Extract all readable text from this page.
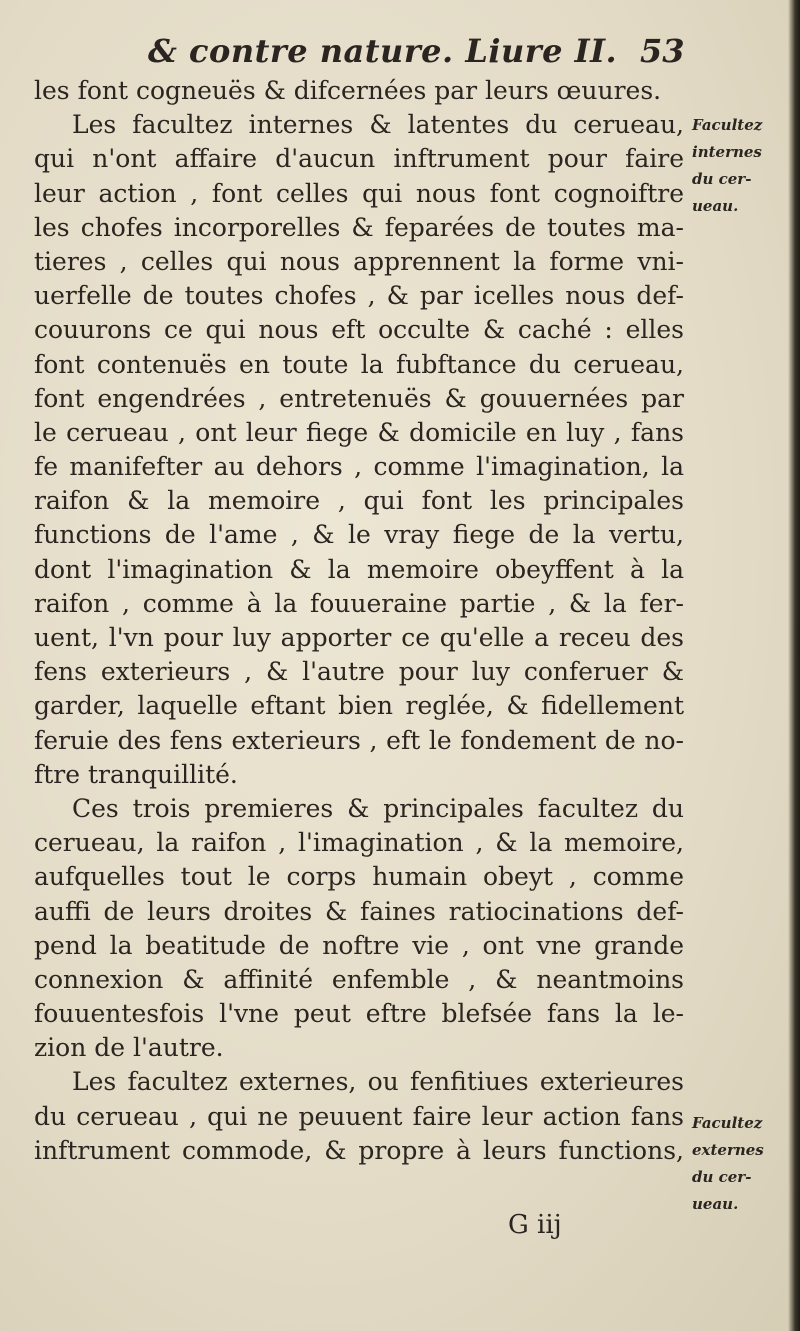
& contre nature. Liure II. 53
les font cogneuës & difcernées par leurs œuures.
Les facultez internes & latentes du cerueau,
qui n'ont affaire d'aucun inftrument pour faire
leur action , font celles qui nous font cognoiftre
les chofes incorporelles & feparées de toutes ma-
tieres , celles qui nous apprennent la forme vni-
uerfelle de toutes chofes , & par icelles nous def-
couurons ce qui nous eft occulte & caché : elles
font contenuës en toute la fubftance du cerueau,
font engendrées , entretenuës & gouuernées par
le cerueau , ont leur fiege & domicile en luy , fans
fe manifefter au dehors , comme l'imagination, la
raifon & la memoire , qui font les principales
functions de l'ame , & le vray fiege de la vertu,
dont l'imagination & la memoire obeyffent à la
raifon , comme à la fouueraine partie , & la fer-
uent, l'vn pour luy apporter ce qu'elle a receu des
fens exterieurs , & l'autre pour luy conferuer &
garder, laquelle eftant bien reglée, & fidellement
feruie des fens exterieurs , eft le fondement de no-
ftre tranquillité.
Ces trois premieres & principales facultez du
cerueau, la raifon , l'imagination , & la memoire,
aufquelles tout le corps humain obeyt , comme
auffi de leurs droites & faines ratiocinations def-
pend la beatitude de noftre vie , ont vne grande
connexion & affinité enfemble , & neantmoins
fouuentesfois l'vne peut eftre blefsée fans la le-
zion de l'autre.
Les facultez externes, ou fenfitiues exterieures
du cerueau , qui ne peuuent faire leur action fans
inftrument commode, & propre à leurs functions,
Facultez
internes
du cer-
ueau.
Facultez
externes
du cer-
ueau.
G iij
